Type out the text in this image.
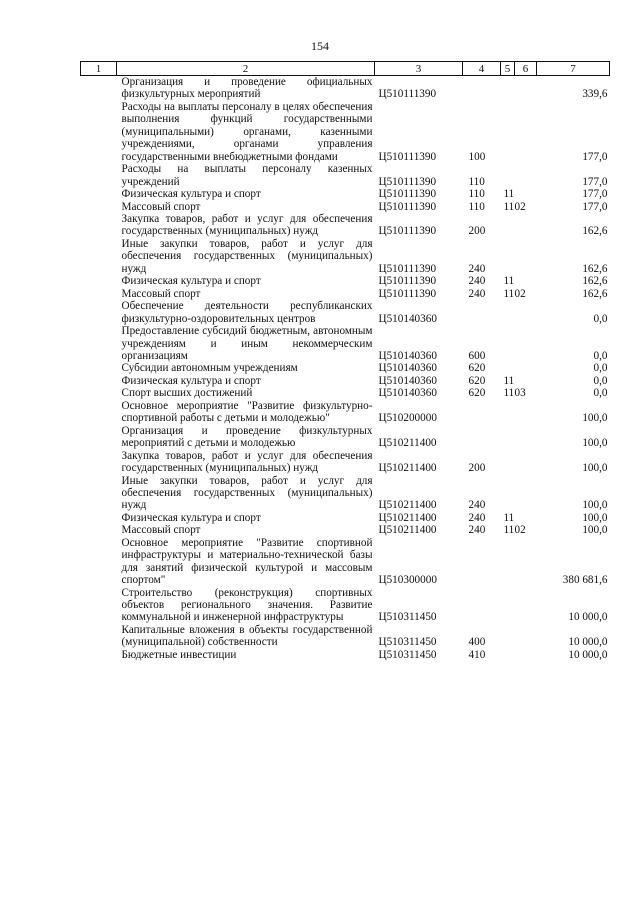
154
1	2	3	4	5	6	7
	Организация и проведение официальных физкультурных мероприятий	Ц510111390				339,6
	Расходы на выплаты персоналу в целях обеспечения выполнения функций государственными (муниципальными) органами, казенными учреждениями, органами управления государственными внебюджетными фондами	Ц510111390	100			177,0
	Расходы на выплаты персоналу казенных учреждений	Ц510111390	110			177,0
	Физическая культура и спорт	Ц510111390	110	11		177,0
	Массовый спорт	Ц510111390	110	11	02	177,0
	Закупка товаров, работ и услуг для обеспечения государственных (муниципальных) нужд	Ц510111390	200			162,6
	Иные закупки товаров, работ и услуг для обеспечения государственных (муниципальных) нужд	Ц510111390	240			162,6
	Физическая культура и спорт	Ц510111390	240	11		162,6
	Массовый спорт	Ц510111390	240	11	02	162,6
	Обеспечение деятельности республиканских физкультурно-оздоровительных центров	Ц510140360				0,0
	Предоставление субсидий бюджетным, автономным учреждениям и иным некоммерческим организациям	Ц510140360	600			0,0
	Субсидии автономным учреждениям	Ц510140360	620			0,0
	Физическая культура и спорт	Ц510140360	620	11		0,0
	Спорт высших достижений	Ц510140360	620	11	03	0,0
	Основное мероприятие "Развитие физкультурно-спортивной работы с детьми и молодежью"	Ц510200000				100,0
	Организация и проведение физкультурных мероприятий с детьми и молодежью	Ц510211400				100,0
	Закупка товаров, работ и услуг для обеспечения государственных (муниципальных) нужд	Ц510211400	200			100,0
	Иные закупки товаров, работ и услуг для обеспечения государственных (муниципальных) нужд	Ц510211400	240			100,0
	Физическая культура и спорт	Ц510211400	240	11		100,0
	Массовый спорт	Ц510211400	240	11	02	100,0
	Основное мероприятие "Развитие спортивной инфраструктуры и материально-технической базы для занятий физической культурой и массовым спортом"	Ц510300000				380 681,6
	Строительство (реконструкция) спортивных объектов регионального значения. Развитие коммунальной и инженерной инфраструктуры	Ц510311450				10 000,0
	Капитальные вложения в объекты государственной (муниципальной) собственности	Ц510311450	400			10 000,0
	Бюджетные инвестиции	Ц510311450	410			10 000,0
